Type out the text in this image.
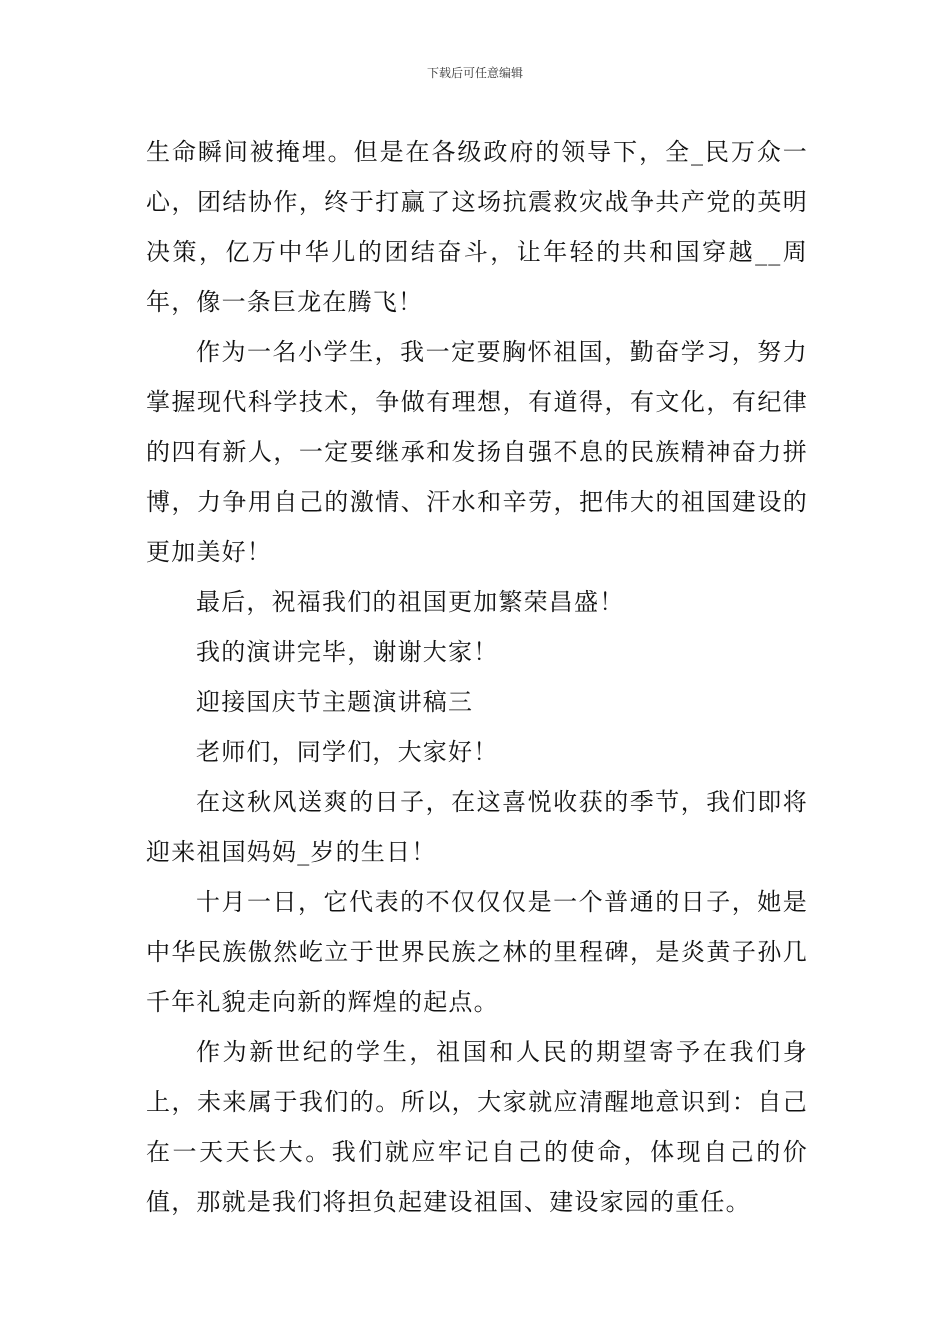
下载后可任意编辑

生命瞬间被掩埋。但是在各级政府的领导下，全_民万众一心，团结协作，终于打赢了这场抗震救灾战争共产党的英明决策，亿万中华儿的团结奋斗，让年轻的共和国穿越__周年，像一条巨龙在腾飞！

作为一名小学生，我一定要胸怀祖国，勤奋学习，努力掌握现代科学技术，争做有理想，有道得，有文化，有纪律的四有新人，一定要继承和发扬自强不息的民族精神奋力拼博，力争用自己的激情、汗水和辛劳，把伟大的祖国建设的更加美好！

最后，祝福我们的祖国更加繁荣昌盛！

我的演讲完毕，谢谢大家！

迎接国庆节主题演讲稿三

老师们，同学们，大家好！

在这秋风送爽的日子，在这喜悦收获的季节，我们即将迎来祖国妈妈_岁的生日！

十月一日，它代表的不仅仅仅是一个普通的日子，她是中华民族傲然屹立于世界民族之林的里程碑，是炎黄子孙几千年礼貌走向新的辉煌的起点。

作为新世纪的学生，祖国和人民的期望寄予在我们身上，未来属于我们的。所以，大家就应清醒地意识到：自己在一天天长大。我们就应牢记自己的使命，体现自己的价值，那就是我们将担负起建设祖国、建设家园的重任。
